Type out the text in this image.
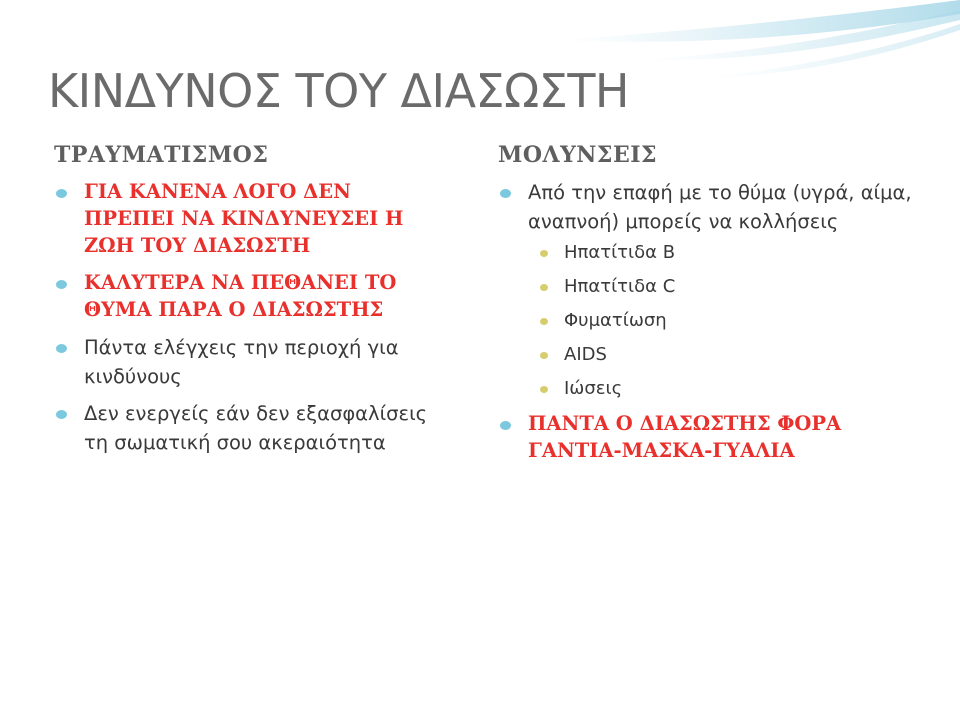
ΚΙΝΔΥΝΟΣ ΤΟΥ ΔΙΑΣΩΣΤΗ
ΤΡΑΥΜΑΤΙΣΜΟΣ
ΓΙΑ ΚΑΝΕΝΑ ΛΟΓΟ ΔΕΝ ΠΡΕΠΕΙ ΝΑ ΚΙΝΔΥΝΕΥΣΕΙ Η ΖΩΗ ΤΟΥ ΔΙΑΣΩΣΤΗ
ΚΑΛΥΤΕΡΑ ΝΑ ΠΕΘΑΝΕΙ ΤΟ ΘΥΜΑ ΠΑΡΑ Ο ΔΙΑΣΩΣΤΗΣ
Πάντα ελέγχεις την περιοχή για κινδύνους
Δεν ενεργείς εάν δεν εξασφαλίσεις τη σωματική σου ακεραιότητα
ΜΟΛΥΝΣΕΙΣ
Από την επαφή με το θύμα (υγρά, αίμα, αναπνοή) μπορείς να κολλήσεις
Ηπατίτιδα Β
Ηπατίτιδα C
Φυματίωση
AIDS
Ιώσεις
ΠΑΝΤΑ Ο ΔΙΑΣΩΣΤΗΣ ΦΟΡΑ ΓΑΝΤΙΑ-ΜΑΣΚΑ-ΓΥΑΛΙΑ
